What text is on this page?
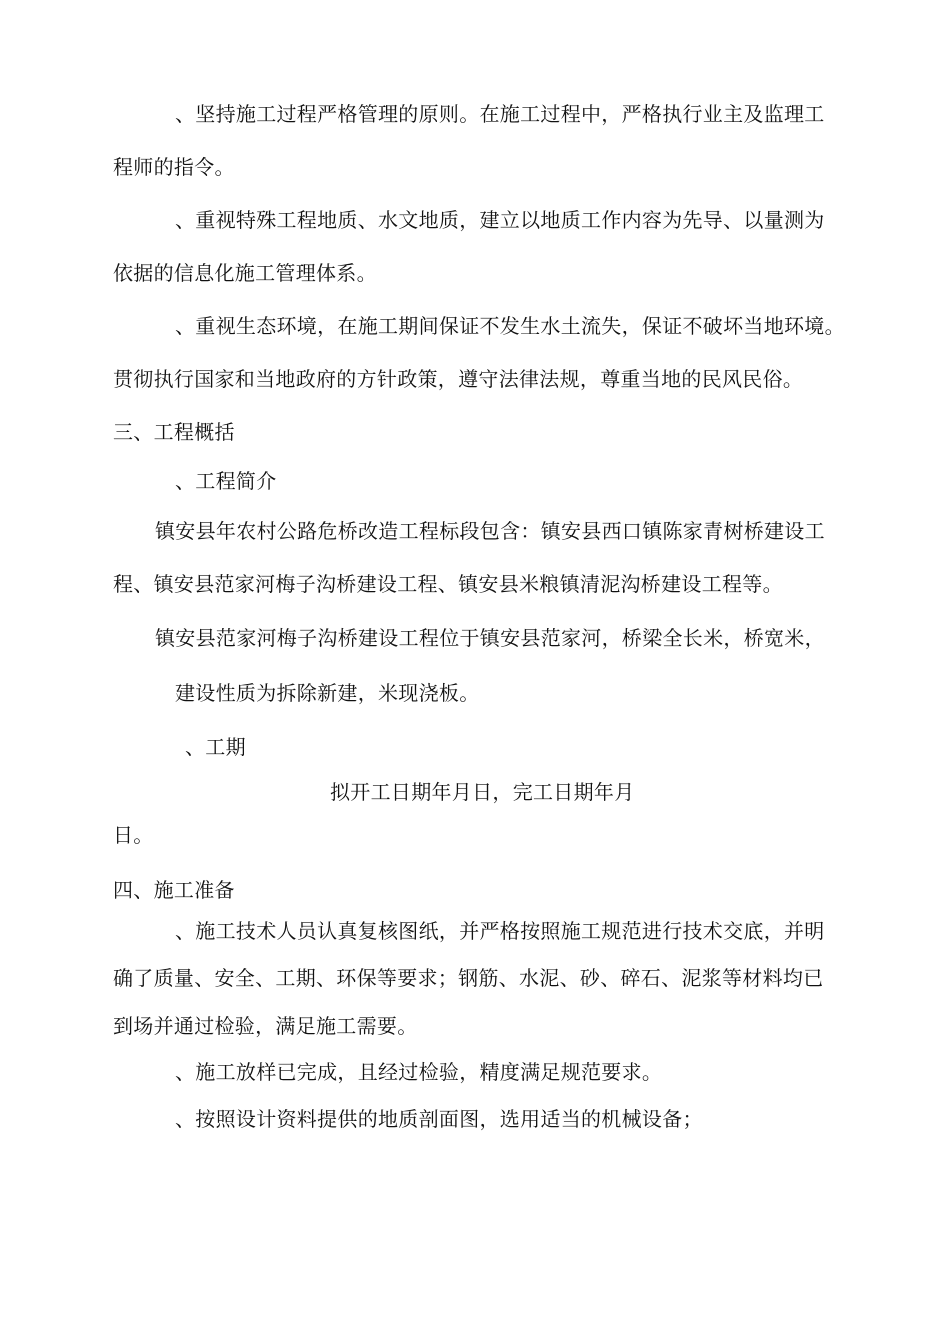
、坚持施工过程严格管理的原则。在施工过程中，严格执行业主及监理工
程师的指令。
、重视特殊工程地质、水文地质，建立以地质工作内容为先导、以量测为
依据的信息化施工管理体系。
、重视生态环境，在施工期间保证不发生水土流失，保证不破坏当地环境。
贯彻执行国家和当地政府的方针政策，遵守法律法规，尊重当地的民风民俗。
三、工程概括
、工程简介
镇安县年农村公路危桥改造工程标段包含：镇安县西口镇陈家青树桥建设工
程、镇安县范家河梅子沟桥建设工程、镇安县米粮镇清泥沟桥建设工程等。
镇安县范家河梅子沟桥建设工程位于镇安县范家河，桥梁全长米，桥宽米，
建设性质为拆除新建，米现浇板。
、工期
拟开工日期年月日，完工日期年月
日。
四、施工准备
、施工技术人员认真复核图纸，并严格按照施工规范进行技术交底，并明
确了质量、安全、工期、环保等要求；钢筋、水泥、砂、碎石、泥浆等材料均已
到场并通过检验，满足施工需要。
、施工放样已完成，且经过检验，精度满足规范要求。
、按照设计资料提供的地质剖面图，选用适当的机械设备；
